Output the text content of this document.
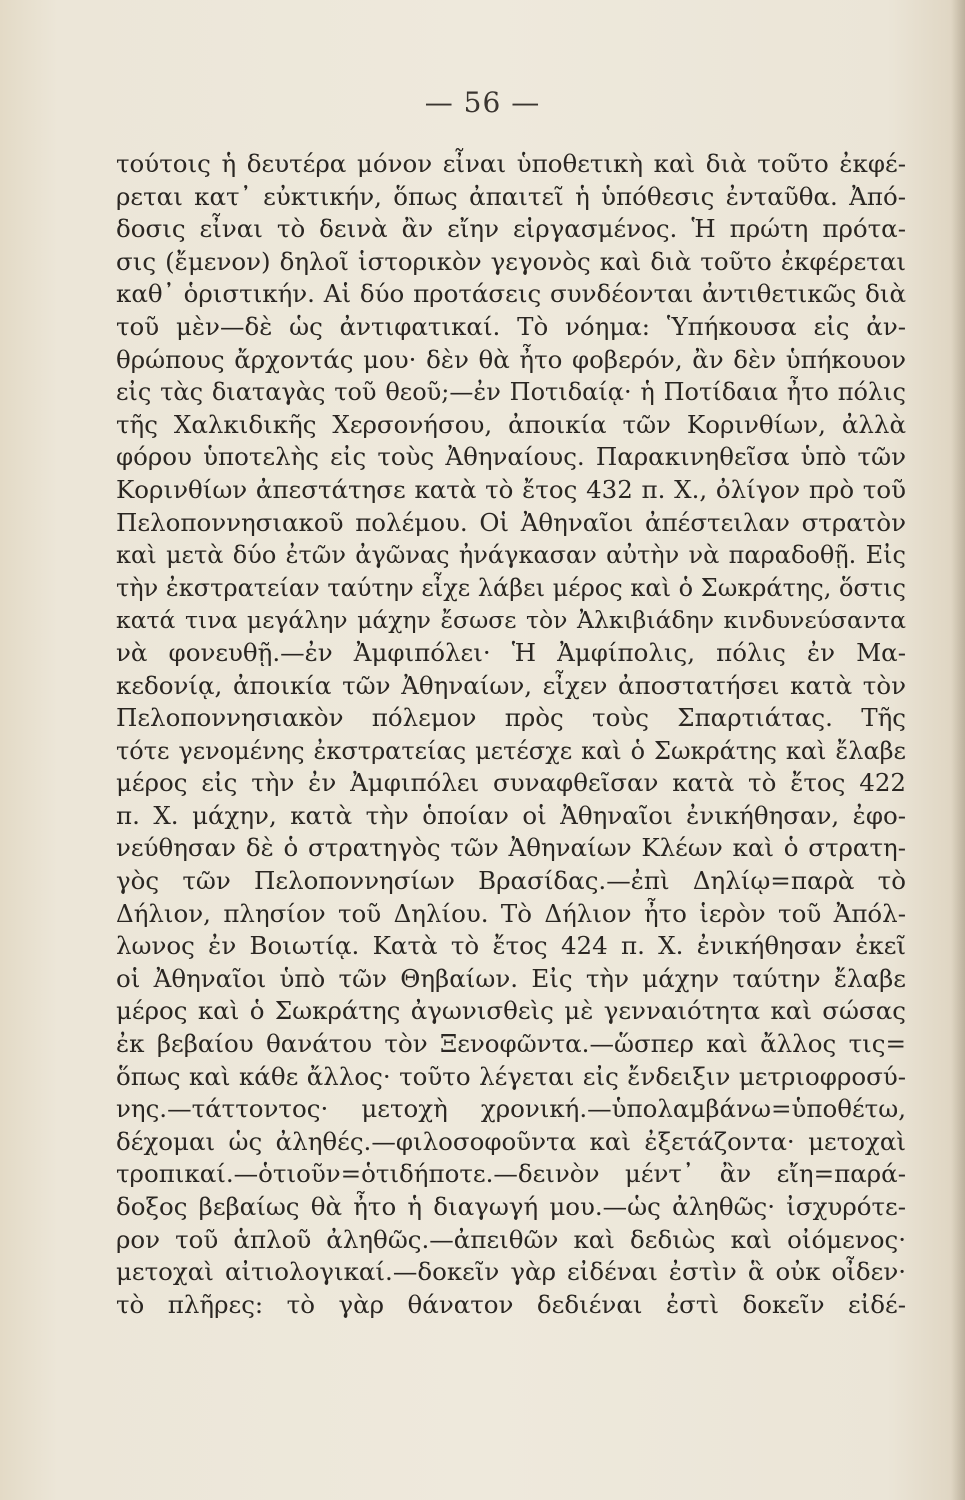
— 56 —
τούτοις ἡ δευτέρα μόνον εἶναι ὑποθετικὴ καὶ διὰ τοῦτο ἐκφέ-
ρεται κατ᾽ εὐκτικήν, ὅπως ἀπαιτεῖ ἡ ὑπόθεσις ἐνταῦθα. Ἀπό-
δοσις εἶναι τὸ δεινὰ ἂν εἴην εἰργασμένος. Ἡ πρώτη πρότα-
σις (ἔμενον) δηλοῖ ἱστορικὸν γεγονὸς καὶ διὰ τοῦτο ἐκφέρεται
καθ᾽ ὁριστικήν. Αἱ δύο προτάσεις συνδέονται ἀντιθετικῶς διὰ
τοῦ μὲν—δὲ ὡς ἀντιφατικαί. Τὸ νόημα: Ὑπήκουσα εἰς ἀν-
θρώπους ἄρχοντάς μου· δὲν θὰ ἦτο φοβερόν, ἂν δὲν ὑπήκουον
εἰς τὰς διαταγὰς τοῦ θεοῦ;—ἐν Ποτιδαίᾳ· ἡ Ποτίδαια ἦτο πόλις
τῆς Χαλκιδικῆς Χερσονήσου, ἀποικία τῶν Κορινθίων, ἀλλὰ
φόρου ὑποτελὴς εἰς τοὺς Ἀθηναίους. Παρακινηθεῖσα ὑπὸ τῶν
Κορινθίων ἀπεστάτησε κατὰ τὸ ἔτος 432 π. Χ., ὀλίγον πρὸ τοῦ
Πελοποννησιακοῦ πολέμου. Οἱ Ἀθηναῖοι ἀπέστειλαν στρατὸν
καὶ μετὰ δύο ἐτῶν ἀγῶνας ἠνάγκασαν αὐτὴν νὰ παραδοθῇ. Εἰς
τὴν ἐκστρατείαν ταύτην εἶχε λάβει μέρος καὶ ὁ Σωκράτης, ὅστις
κατά τινα μεγάλην μάχην ἔσωσε τὸν Ἀλκιβιάδην κινδυνεύσαντα
νὰ φονευθῇ.—ἐν Ἀμφιπόλει· Ἡ Ἀμφίπολις, πόλις ἐν Μα-
κεδονίᾳ, ἀποικία τῶν Ἀθηναίων, εἶχεν ἀποστατήσει κατὰ τὸν
Πελοποννησιακὸν πόλεμον πρὸς τοὺς Σπαρτιάτας. Τῆς
τότε γενομένης ἐκστρατείας μετέσχε καὶ ὁ Σωκράτης καὶ ἔλαβε
μέρος εἰς τὴν ἐν Ἀμφιπόλει συναφθεῖσαν κατὰ τὸ ἔτος 422
π. Χ. μάχην, κατὰ τὴν ὁποίαν οἱ Ἀθηναῖοι ἐνικήθησαν, ἐφο-
νεύθησαν δὲ ὁ στρατηγὸς τῶν Ἀθηναίων Κλέων καὶ ὁ στρατη-
γὸς τῶν Πελοποννησίων Βρασίδας.—ἐπὶ Δηλίῳ=παρὰ τὸ
Δήλιον, πλησίον τοῦ Δηλίου. Τὸ Δήλιον ἦτο ἱερὸν τοῦ Ἀπόλ-
λωνος ἐν Βοιωτίᾳ. Κατὰ τὸ ἔτος 424 π. Χ. ἐνικήθησαν ἐκεῖ
οἱ Ἀθηναῖοι ὑπὸ τῶν Θηβαίων. Εἰς τὴν μάχην ταύτην ἔλαβε
μέρος καὶ ὁ Σωκράτης ἀγωνισθεὶς μὲ γενναιότητα καὶ σώσας
ἐκ βεβαίου θανάτου τὸν Ξενοφῶντα.—ὥσπερ καὶ ἄλλος τις=
ὅπως καὶ κάθε ἄλλος· τοῦτο λέγεται εἰς ἔνδειξιν μετριοφροσύ-
νης.—τάττοντος· μετοχὴ χρονική.—ὑπολαμβάνω=ὑποθέτω,
δέχομαι ὡς ἀληθές.—φιλοσοφοῦντα καὶ ἐξετάζοντα· μετοχαὶ
τροπικαί.—ὁτιοῦν=ὁτιδήποτε.—δεινὸν μέντ᾽ ἂν εἴη=παρά-
δοξος βεβαίως θὰ ἦτο ἡ διαγωγή μου.—ὡς ἀληθῶς· ἰσχυρότε-
ρον τοῦ ἁπλοῦ ἀληθῶς.—ἀπειθῶν καὶ δεδιὼς καὶ οἰόμενος·
μετοχαὶ αἰτιολογικαί.—δοκεῖν γὰρ εἰδέναι ἐστὶν ἃ οὐκ οἶδεν·
τὸ πλῆρες: τὸ γὰρ θάνατον δεδιέναι ἐστὶ δοκεῖν εἰδέ-
